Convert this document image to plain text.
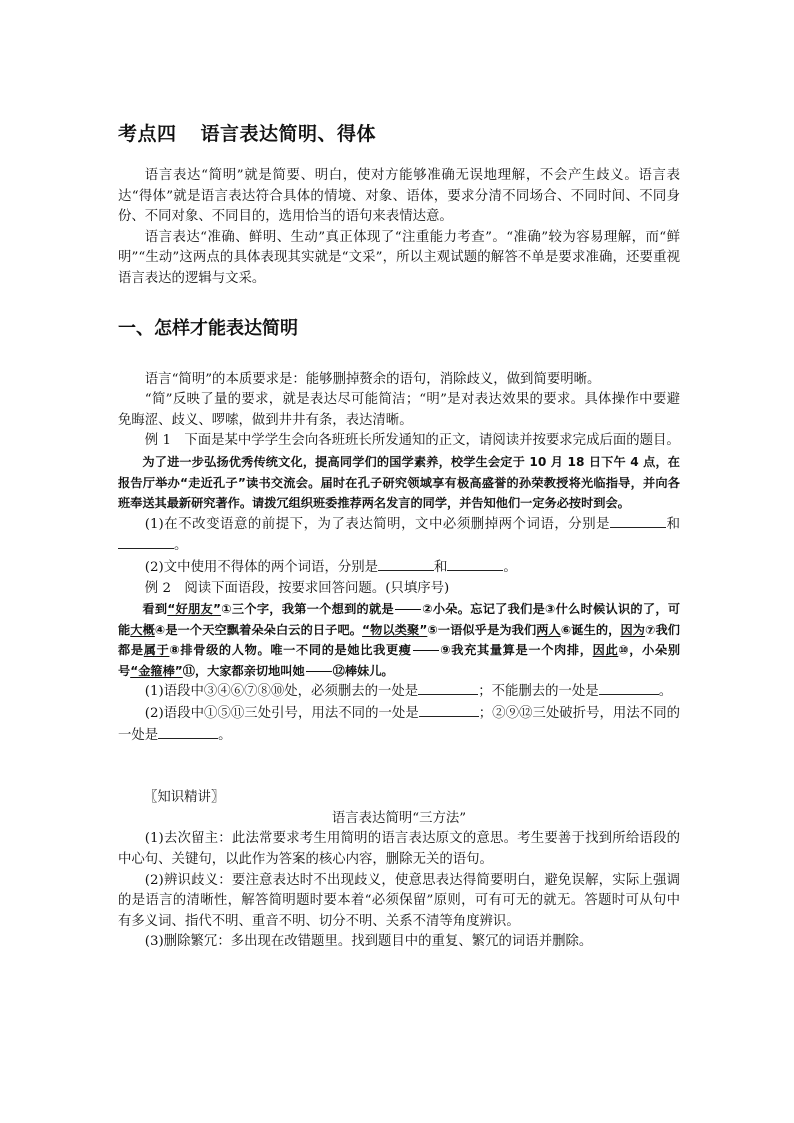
考点四 语言表达简明、得体

语言表达“简明”就是简要、明白，使对方能够准确无误地理解，不会产生歧义。语言表达“得体”就是语言表达符合具体的情境、对象、语体，要求分清不同场合、不同时间、不同身份、不同对象、不同目的，选用恰当的语句来表情达意。

语言表达“准确、鲜明、生动”真正体现了“注重能力考查”。“准确”较为容易理解，而“鲜明”“生动”这两点的具体表现其实就是“文采”，所以主观试题的解答不单是要求准确，还要重视语言表达的逻辑与文采。

一、怎样才能表达简明

语言“简明”的本质要求是：能够删掉赘余的语句，消除歧义，做到简要明晰。

“简”反映了量的要求，就是表达尽可能简洁；“明”是对表达效果的要求。具体操作中要避免晦涩、歧义、啰嗦，做到井井有条，表达清晰。

例 1　下面是某中学学生会向各班班长所发通知的正文，请阅读并按要求完成后面的题目。

为了进一步弘扬优秀传统文化，提高同学们的国学素养，校学生会定于 10 月 18 日下午 4 点，在报告厅举办“走近孔子”读书交流会。届时在孔子研究领域享有极高盛誉的孙荣教授将光临指导，并向各班奉送其最新研究著作。请拨冗组织班委推荐两名发言的同学，并告知他们一定务必按时到会。

(1)在不改变语意的前提下，为了表达简明，文中必须删掉两个词语，分别是	和。

(2)文中使用不得体的两个词语，分别是	和	。

例 2　阅读下面语段，按要求回答问题。(只填序号)

看到“好朋友”①三个字，我第一个想到的就是 ②小朵。忘记了我们是③什么时候认识的了，可能大概④是一个天空飘着朵朵白云的日子吧。“物以类聚”⑤一语似乎是为我们两人⑥诞生的，因为⑦我们都是属于⑧排骨级的人物。唯一不同的是她比我更瘦 ⑨我充其量算是一个肉排，因此⑩，小朵别号“金箍棒”⑪，大家都亲切地叫她 ⑫棒妹儿。

(1)语段中③④⑥⑦⑧⑩处，必须删去的一处是	；不能删去的一处是	。

(2)语段中①⑤⑪三处引号，用法不同的一处是	；②⑨⑫三处破折号，用法不同的一处是	。

〖知识精讲〗
语言表达简明“三方法”

(1)去次留主：此法常要求考生用简明的语言表达原文的意思。考生要善于找到所给语段的中心句、关键句，以此作为答案的核心内容，删除无关的语句。

(2)辨识歧义：要注意表达时不出现歧义，使意思表达得简要明白，避免误解，实际上强调的是语言的清晰性，解答简明题时要本着“必须保留”原则，可有可无的就无。答题时可从句中有多义词、指代不明、重音不明、切分不明、关系不清等角度辨识。

(3)删除繁冗：多出现在改错题里。找到题目中的重复、繁冗的词语并删除。
